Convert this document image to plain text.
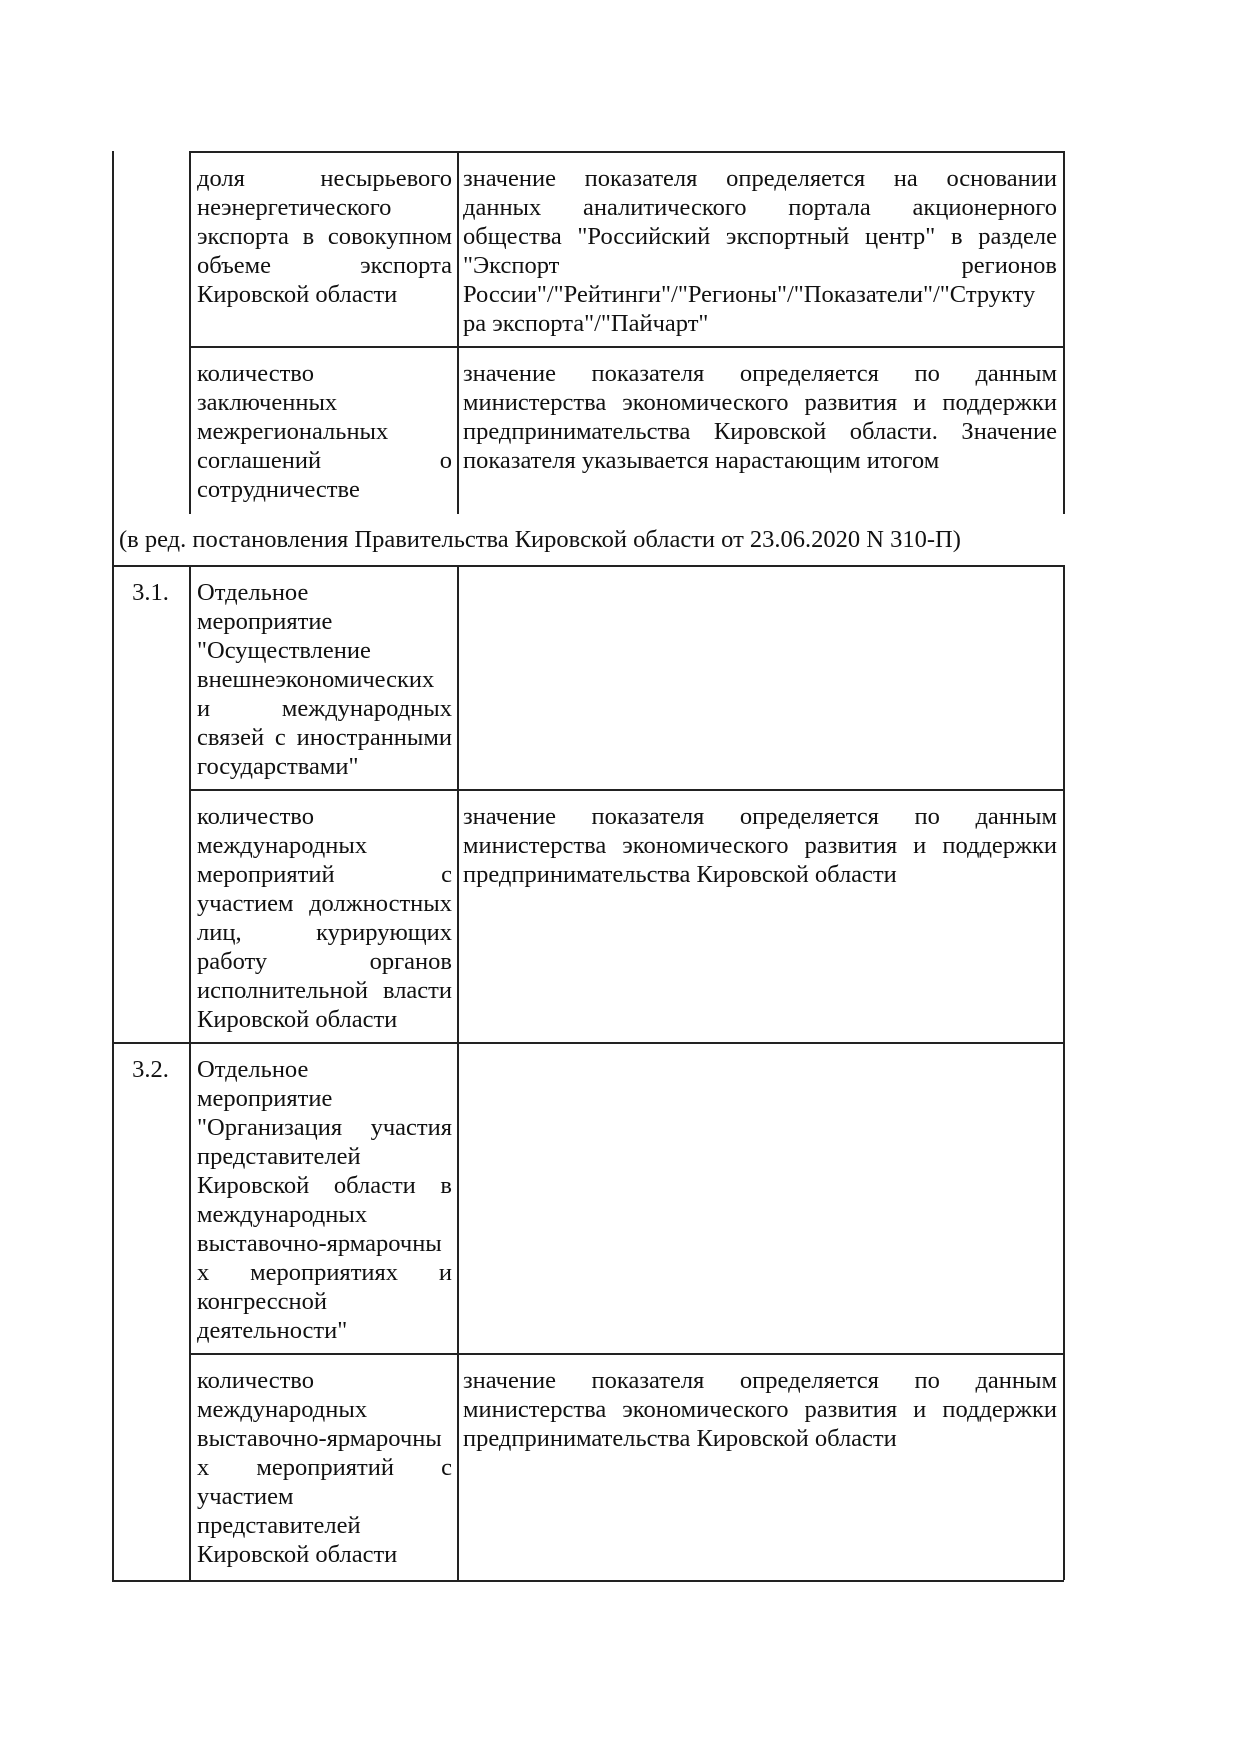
доля несырьевого
неэнергетического
экспорта в совокупном
объеме экспорта
Кировской области
значение показателя определяется на основании
данных аналитического портала акционерного
общества "Российский экспортный центр" в разделе
"Экспорт регионов
России"/"Рейтинги"/"Регионы"/"Показатели"/"Структу
ра экспорта"/"Пайчарт"
количество
заключенных
межрегиональных
соглашений о
сотрудничестве
значение показателя определяется по данным
министерства экономического развития и поддержки
предпринимательства Кировской области. Значение
показателя указывается нарастающим итогом
3.1.	Отдельное
мероприятие
"Осуществление
внешнеэкономических
и международных
связей с иностранными
государствами"
количество
международных
мероприятий с
участием должностных
лиц, курирующих
работу органов
исполнительной власти
Кировской области
значение показателя определяется по данным
министерства экономического развития и поддержки
предпринимательства Кировской области
3.2.	Отдельное
мероприятие
"Организация участия
представителей
Кировской области в
международных
выставочно-ярмарочны
х мероприятиях и
конгрессной
деятельности"
количество
международных
выставочно-ярмарочны
х мероприятий с
участием
представителей
Кировской области
значение показателя определяется по данным
министерства экономического развития и поддержки
предпринимательства Кировской области
(в ред. постановления Правительства Кировской области от 23.06.2020 N 310-П)
